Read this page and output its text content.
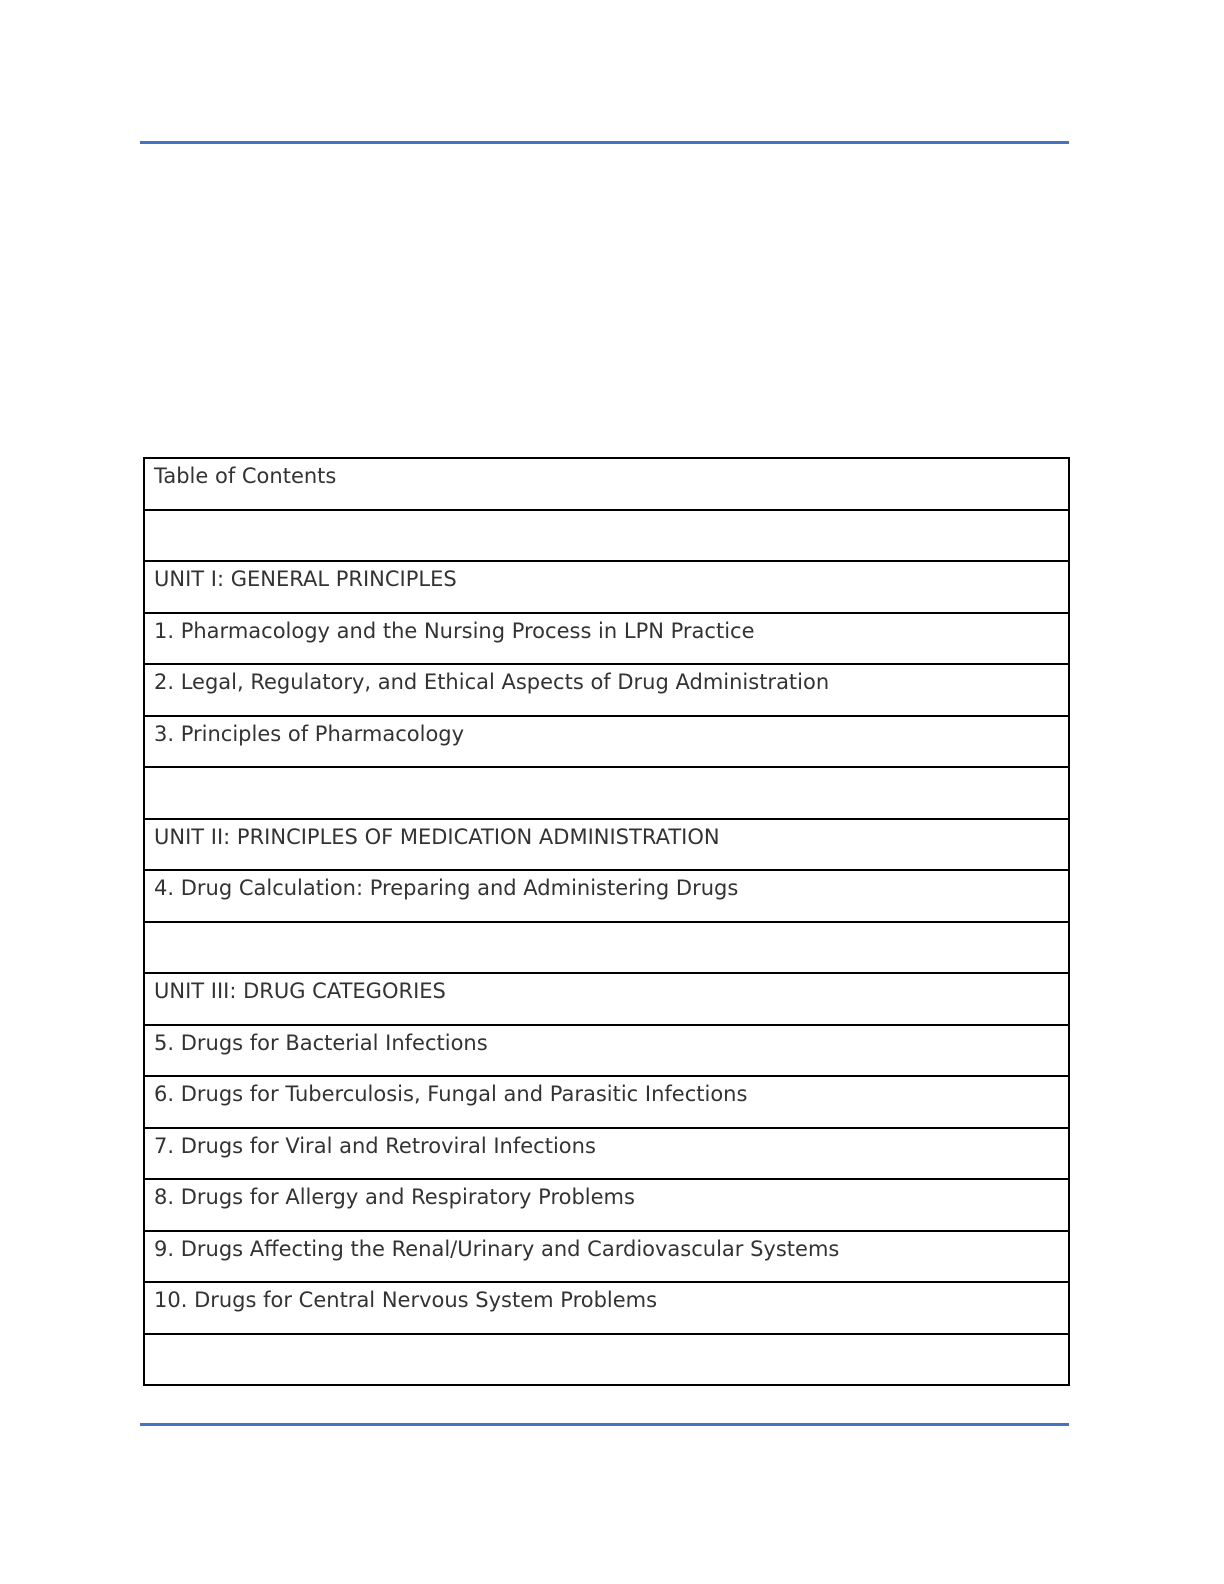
Table of Contents

UNIT I: GENERAL PRINCIPLES
1. Pharmacology and the Nursing Process in LPN Practice
2. Legal, Regulatory, and Ethical Aspects of Drug Administration
3. Principles of Pharmacology

UNIT II: PRINCIPLES OF MEDICATION ADMINISTRATION
4. Drug Calculation: Preparing and Administering Drugs

UNIT III: DRUG CATEGORIES
5. Drugs for Bacterial Infections
6. Drugs for Tuberculosis, Fungal and Parasitic Infections
7. Drugs for Viral and Retroviral Infections
8. Drugs for Allergy and Respiratory Problems
9. Drugs Affecting the Renal/Urinary and Cardiovascular Systems
10. Drugs for Central Nervous System Problems
